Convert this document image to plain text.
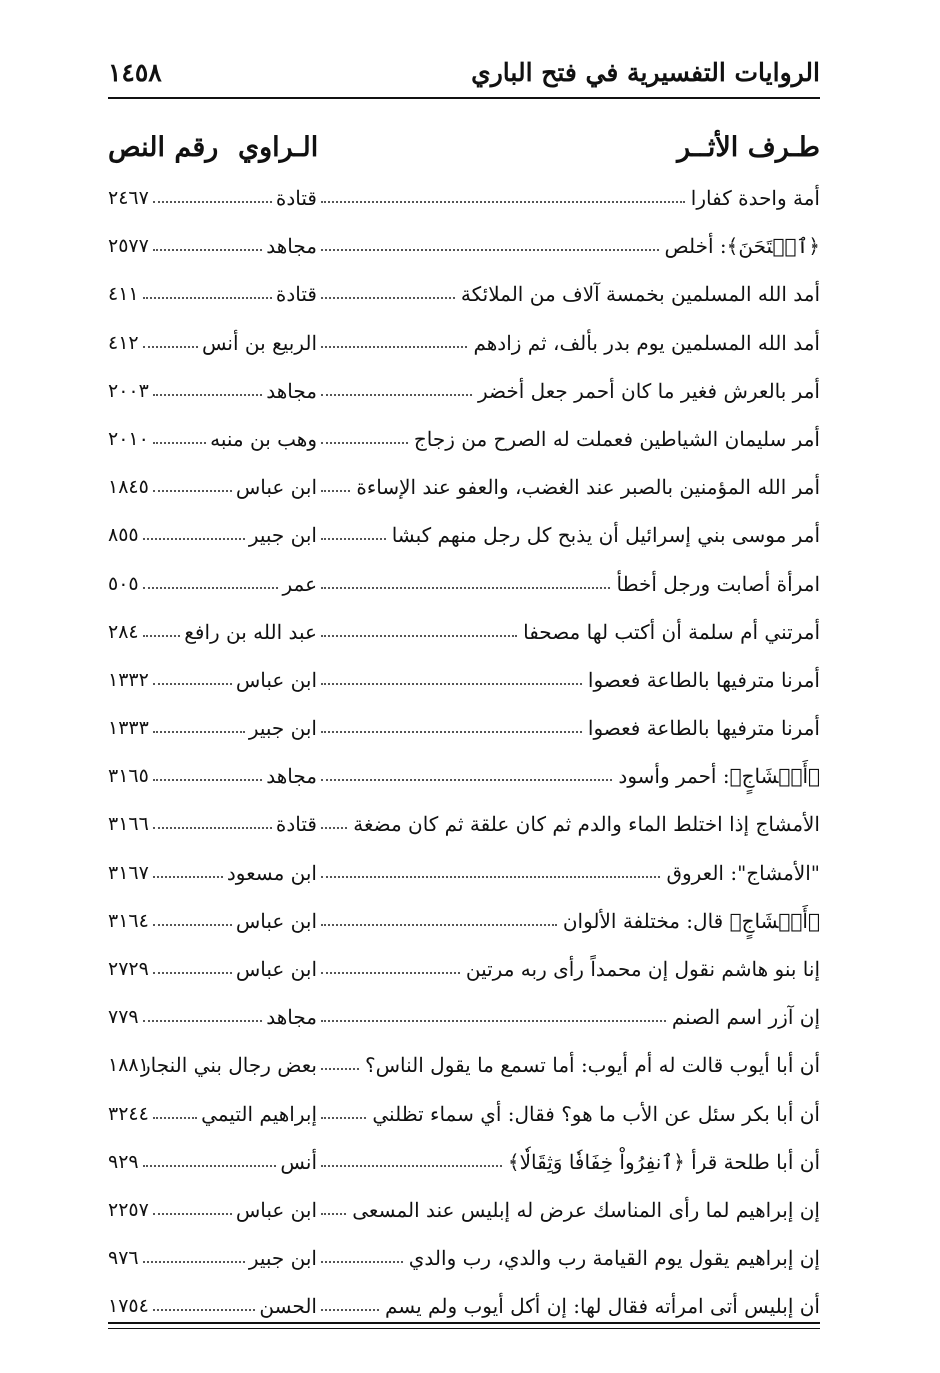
الروايات التفسيرية في فتح الباري
١٤٥٨
طـرف الأثــر
الـراوي
رقم النص
أمة واحدة كفارا
قتادة
٢٤٦٧
﴿ٱمۡتَحَنَ﴾: أخلص
مجاهد
٢٥٧٧
أمد الله المسلمين بخمسة آلاف من الملائكة
قتادة
٤١١
أمد الله المسلمين يوم بدر بألف، ثم زادهم
الربيع بن أنس
٤١٢
أمر بالعرش فغير ما كان أحمر جعل أخضر
مجاهد
٢٠٠٣
أمر سليمان الشياطين فعملت له الصرح من زجاج
وهب بن منبه
٢٠١٠
أمر الله المؤمنين بالصبر عند الغضب، والعفو عند الإساءة
ابن عباس
١٨٤٥
أمر موسى بني إسرائيل أن يذبح كل رجل منهم كبشا
ابن جبير
٨٥٥
امرأة أصابت ورجل أخطأ
عمر
٥٠٥
أمرتني أم سلمة أن أكتب لها مصحفا
عبد الله بن رافع
٢٨٤
أمرنا مترفيها بالطاعة فعصوا
ابن عباس
١٣٣٢
أمرنا مترفيها بالطاعة فعصوا
ابن جبير
١٣٣٣
﴿أَمۡشَاجٍ﴾: أحمر وأسود
مجاهد
٣١٦٥
الأمشاج إذا اختلط الماء والدم ثم كان علقة ثم كان مضغة
قتادة
٣١٦٦
"الأمشاج": العروق
ابن مسعود
٣١٦٧
﴿أَمۡشَاجٍ﴾ قال: مختلفة الألوان
ابن عباس
٣١٦٤
إنا بنو هاشم نقول إن محمداً رأى ربه مرتين
ابن عباس
٢٧٢٩
إن آزر اسم الصنم
مجاهد
٧٧٩
أن أبا أيوب قالت له أم أيوب: أما تسمع ما يقول الناس؟
بعض رجال بني النجار
١٨٨١
أن أبا بكر سئل عن الأب ما هو؟ فقال: أي سماء تظلني
إبراهيم التيمي
٣٢٤٤
أن أبا طلحة قرأ ﴿ٱنفِرُواْ خِفَافٗا وَثِقَالٗا﴾
أنس
٩٢٩
إن إبراهيم لما رأى المناسك عرض له إبليس عند المسعى
ابن عباس
٢٢٥٧
إن إبراهيم يقول يوم القيامة رب والدي، رب والدي
ابن جبير
٩٧٦
أن إبليس أتى امرأته فقال لها: إن أكل أيوب ولم يسم
الحسن
١٧٥٤
